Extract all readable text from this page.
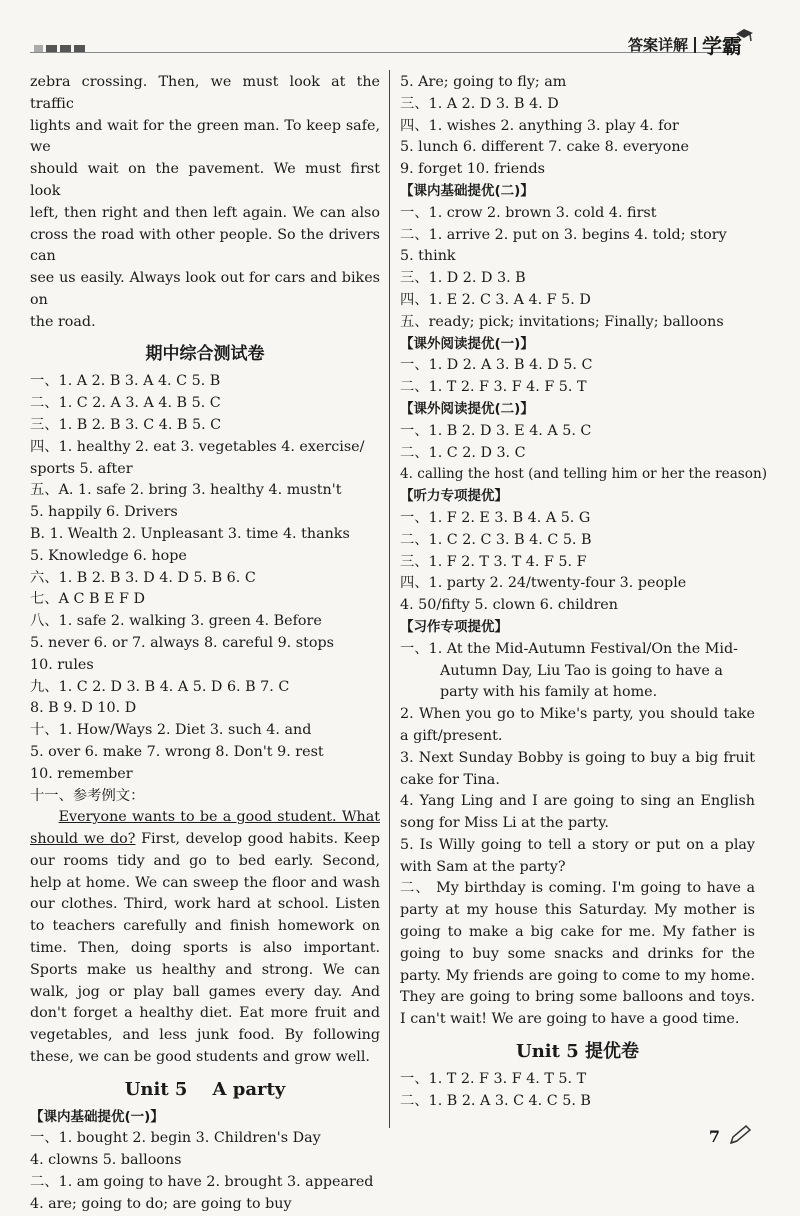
答案详解 学霸
zebra crossing. Then, we must look at the traffic
lights and wait for the green man. To keep safe, we
should wait on the pavement. We must first look
left, then right and then left again. We can also
cross the road with other people. So the drivers can
see us easily. Always look out for cars and bikes on
the road.
期中综合测试卷
一、1. A 2. B 3. A 4. C 5. B
二、1. C 2. A 3. A 4. B 5. C
三、1. B 2. B 3. C 4. B 5. C
四、1. healthy 2. eat 3. vegetables 4. exercise/
sports 5. after
五、A. 1. safe 2. bring 3. healthy 4. mustn't
5. happily 6. Drivers
B. 1. Wealth 2. Unpleasant 3. time 4. thanks
5. Knowledge 6. hope
六、1. B 2. B 3. D 4. D 5. B 6. C
七、A C B E F D
八、1. safe 2. walking 3. green 4. Before
5. never 6. or 7. always 8. careful 9. stops
10. rules
九、1. C 2. D 3. B 4. A 5. D 6. B 7. C
8. B 9. D 10. D
十、1. How/Ways 2. Diet 3. such 4. and
5. over 6. make 7. wrong 8. Don't 9. rest
10. remember
十一、参考例文：
Everyone wants to be a good student. What should we do? First, develop good habits. Keep our rooms tidy and go to bed early. Second, help at home. We can sweep the floor and wash our clothes. Third, work hard at school. Listen to teachers carefully and finish homework on time. Then, doing sports is also important. Sports make us healthy and strong. We can walk, jog or play ball games every day. And don't forget a healthy diet. Eat more fruit and vegetables, and less junk food. By following these, we can be good students and grow well.
Unit 5    A party
【课内基础提优(一)】
一、1. bought 2. begin 3. Children's Day
4. clowns 5. balloons
二、1. am going to have 2. brought 3. appeared
4. are; going to do; are going to buy
5. Are; going to fly; am
三、1. A 2. D 3. B 4. D
四、1. wishes 2. anything 3. play 4. for
5. lunch 6. different 7. cake 8. everyone
9. forget 10. friends
【课内基础提优(二)】
一、1. crow 2. brown 3. cold 4. first
二、1. arrive 2. put on 3. begins 4. told; story
5. think
三、1. D 2. D 3. B
四、1. E 2. C 3. A 4. F 5. D
五、ready; pick; invitations; Finally; balloons
【课外阅读提优(一)】
一、1. D 2. A 3. B 4. D 5. C
二、1. T 2. F 3. F 4. F 5. T
【课外阅读提优(二)】
一、1. B 2. D 3. E 4. A 5. C
二、1. C 2. D 3. C
4. calling the host (and telling him or her the reason)
【听力专项提优】
一、1. F 2. E 3. B 4. A 5. G
二、1. C 2. C 3. B 4. C 5. B
三、1. F 2. T 3. T 4. F 5. F
四、1. party 2. 24/twenty-four 3. people
4. 50/fifty 5. clown 6. children
【习作专项提优】
一、1. At the Mid-Autumn Festival/On the Mid-
Autumn Day, Liu Tao is going to have a
party with his family at home.
2. When you go to Mike's party, you should take a gift/present.
3. Next Sunday Bobby is going to buy a big fruit cake for Tina.
4. Yang Ling and I are going to sing an English song for Miss Li at the party.
5. Is Willy going to tell a story or put on a play with Sam at the party?
二、 My birthday is coming. I'm going to have a party at my house this Saturday. My mother is going to make a big cake for me. My father is going to buy some snacks and drinks for the party. My friends are going to come to my home. They are going to bring some balloons and toys. I can't wait! We are going to have a good time.
Unit 5 提优卷
一、1. T 2. F 3. F 4. T 5. T
二、1. B 2. A 3. C 4. C 5. B
7
